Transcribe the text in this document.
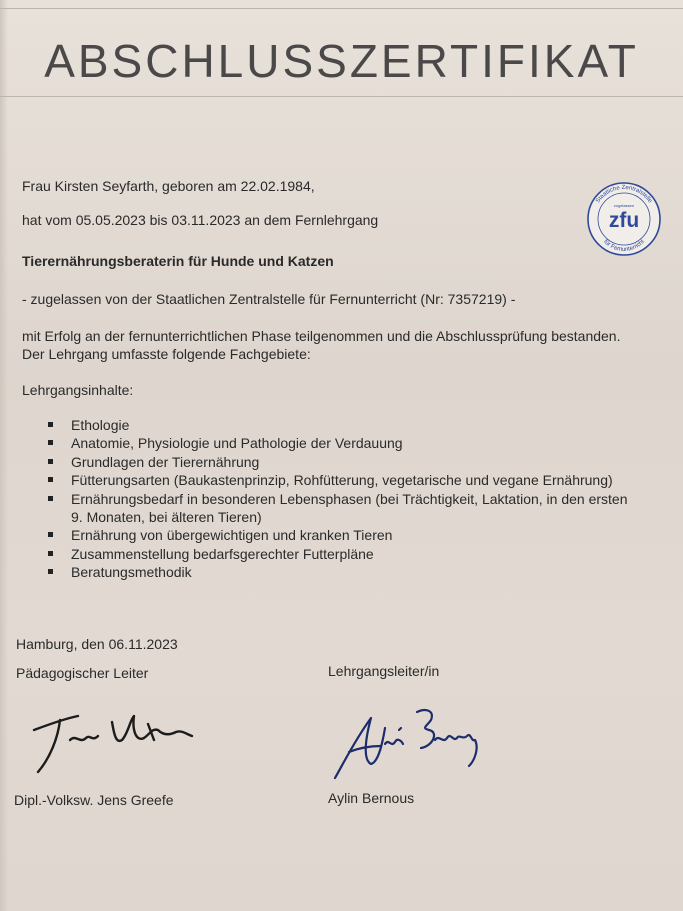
ABSCHLUSSZERTIFIKAT
Frau Kirsten Seyfarth, geboren am 22.02.1984,
hat vom 05.05.2023 bis 03.11.2023 an dem Fernlehrgang
Tierernährungsberaterin für Hunde und Katzen
- zugelassen von der Staatlichen Zentralstelle für Fernunterricht (Nr: 7357219) -
mit Erfolg an der fernunterrichtlichen Phase teilgenommen und die Abschlussprüfung bestanden. Der Lehrgang umfasste folgende Fachgebiete:
Lehrgangsinhalte:
Ethologie
Anatomie, Physiologie und Pathologie der Verdauung
Grundlagen der Tierernährung
Fütterungsarten (Baukastenprinzip, Rohfütterung, vegetarische und vegane Ernährung)
Ernährungsbedarf in besonderen Lebensphasen (bei Trächtigkeit, Laktation, in den ersten 9. Monaten, bei älteren Tieren)
Ernährung von übergewichtigen und kranken Tieren
Zusammenstellung bedarfsgerechter Futterpläne
Beratungsmethodik
Hamburg, den 06.11.2023
Pädagogischer Leiter	Lehrgangsleiter/in
Dipl.-Volksw. Jens Greefe	Aylin Bernous
Staatliche Zentralstelle
für Fernunterricht
zugelassen
zfu
